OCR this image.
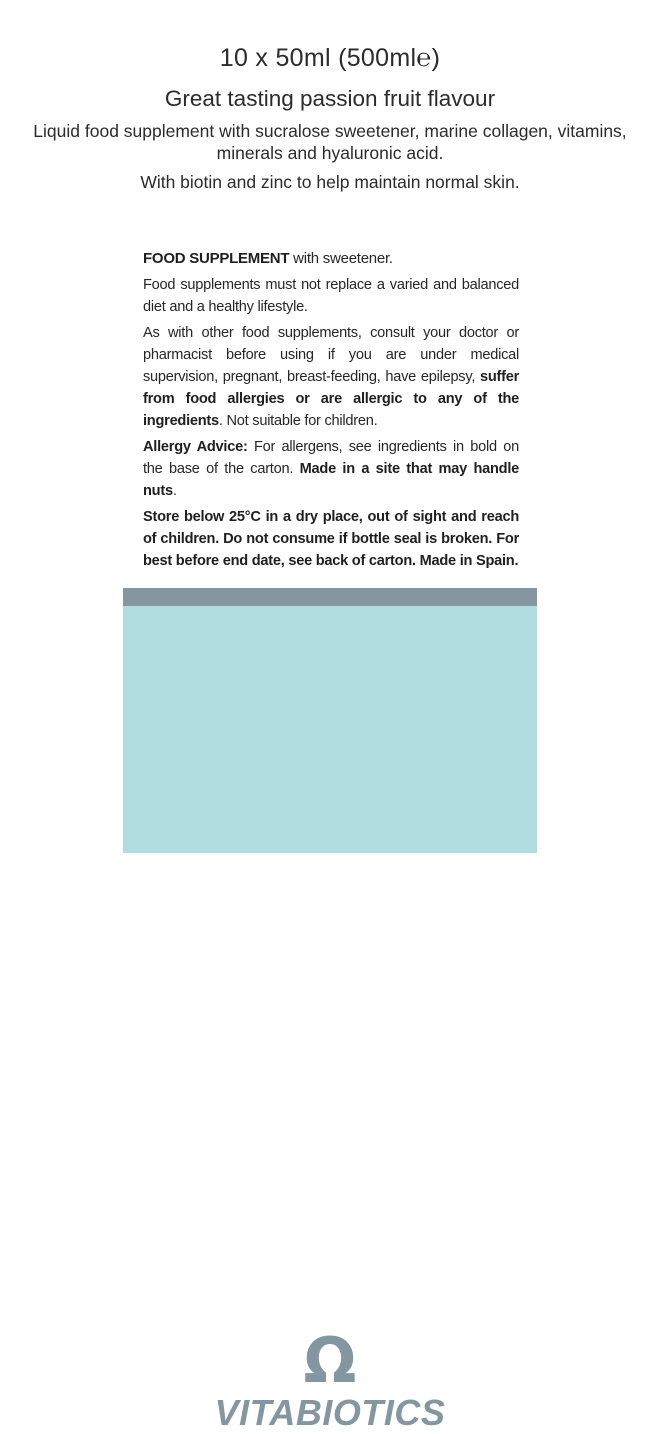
10 x 50ml (500ml℮)
Great tasting passion fruit flavour

Liquid food supplement with sucralose sweetener, marine collagen, vitamins, minerals and hyaluronic acid.

With biotin and zinc to help maintain normal skin.

FOOD SUPPLEMENT with sweetener.

Food supplements must not replace a varied and balanced diet and a healthy lifestyle.

As with other food supplements, consult your doctor or pharmacist before using if you are under medical supervision, pregnant, breast-feeding, have epilepsy, suffer from food allergies or are allergic to any of the ingredients. Not suitable for children.

Allergy Advice: For allergens, see ingredients in bold on the base of the carton. Made in a site that may handle nuts.

Store below 25°C in a dry place, out of sight and reach of children. Do not consume if bottle seal is broken. For best before end date, see back of carton. Made in Spain.

Ω
VITABIOTICS
